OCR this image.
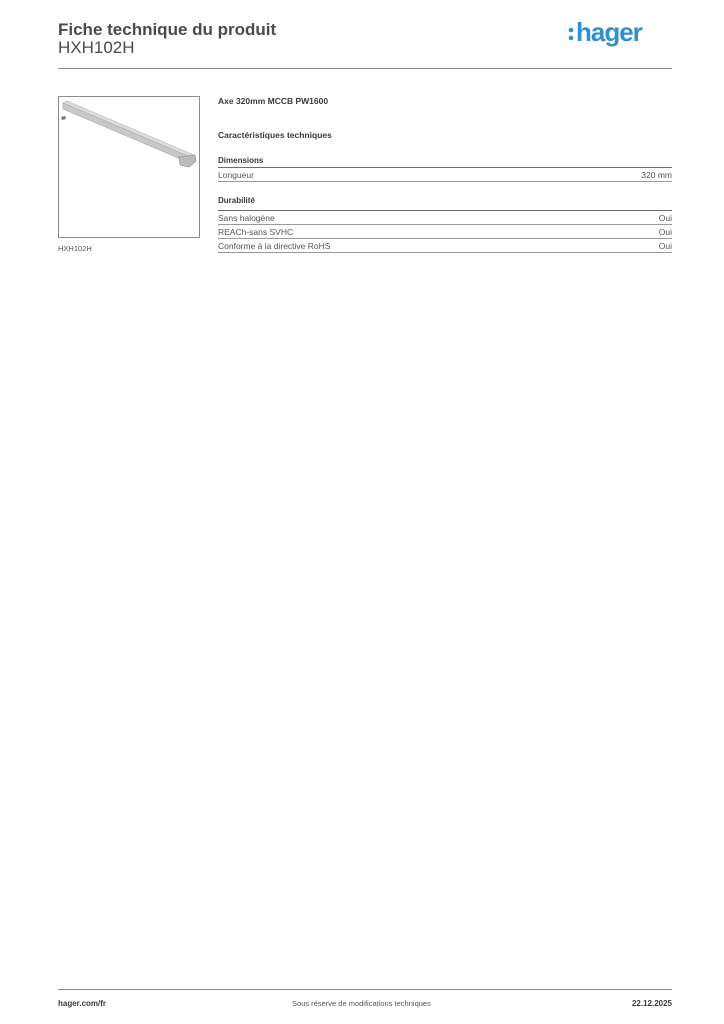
Fiche technique du produit
HXH102H
hager
HXH102H
Axe 320mm MCCB PW1600
Caractéristiques techniques
Dimensions
Longueur	320 mm
Durabilité
Sans halogène	Oui
REACh-sans SVHC	Oui
Conforme à la directive RoHS	Oui
hager.com/fr	Sous réserve de modifications techniques	22.12.2025
